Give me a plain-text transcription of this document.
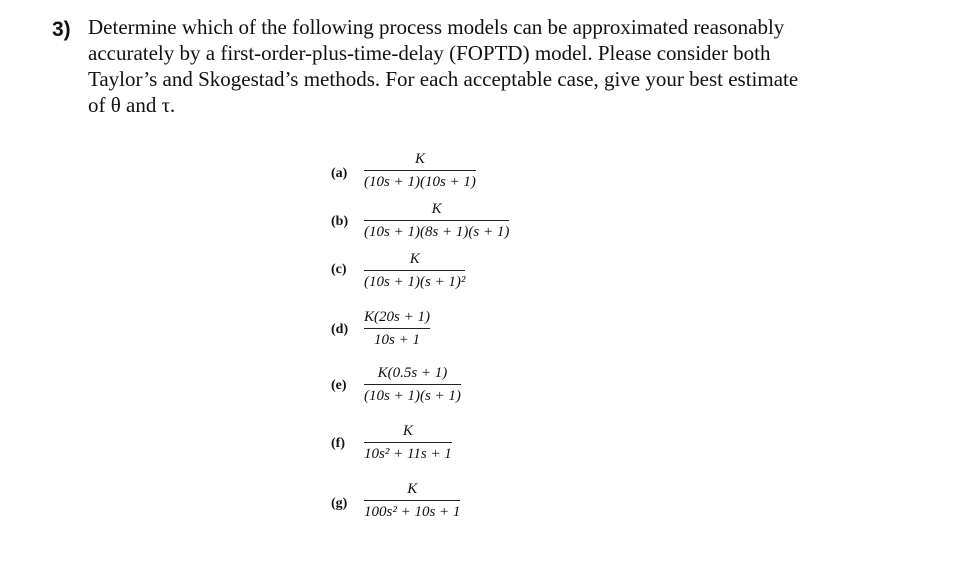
3) Determine which of the following process models can be approximated reasonably
accurately by a first-order-plus-time-delay (FOPTD) model. Please consider both
Taylor’s and Skogestad’s methods. For each acceptable case, give your best estimate
of θ and τ.
$(a) \frac{K}{(10s + 1)(10s + 1)}$
$(b) \frac{K}{(10s + 1)(8s + 1)(s + 1)}$
$(c) \frac{K}{\text{(10s + 1)(s + 1)²}}$
$(d) \frac{K(20s + 1)}{10s + 1}$
$(e) \frac{K(0.5s + 1)}{(10s + 1)(s + 1)}$
$(f) \frac{K}{\text{10s² + 11s + 1}}$
$(g) \frac{K}{\text{100s² + 10s + 1}}$
